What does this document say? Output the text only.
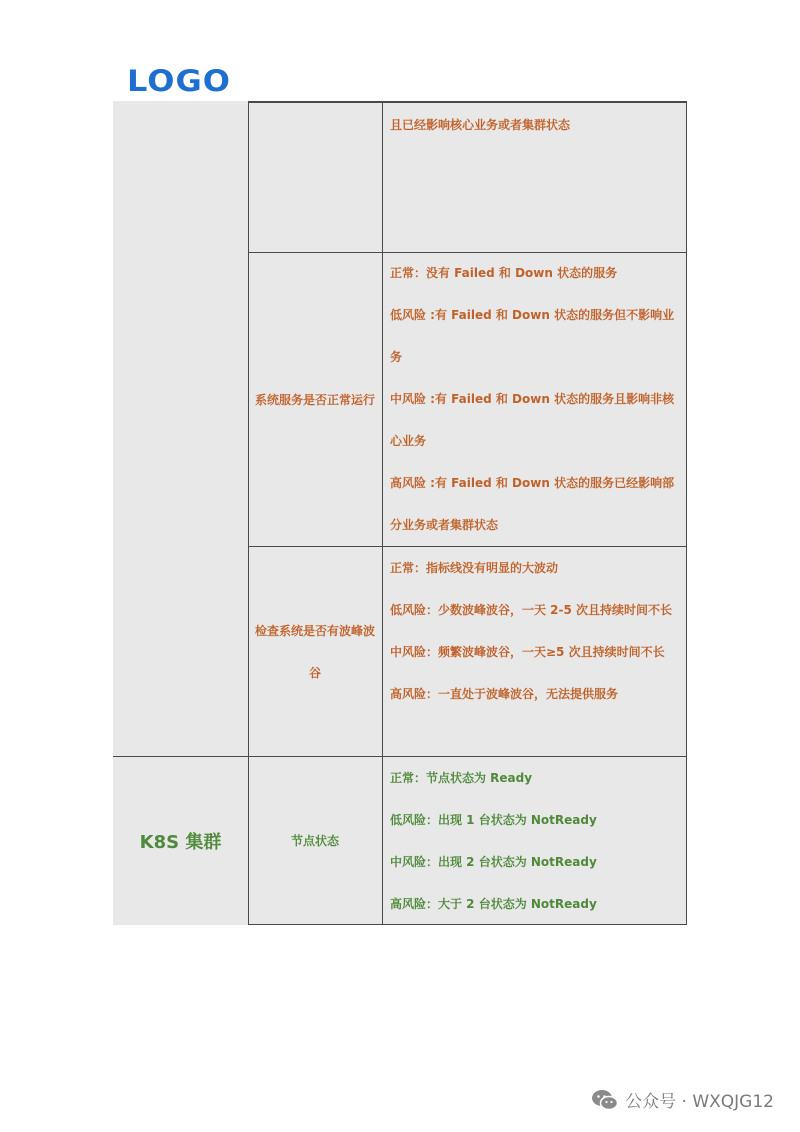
LOGO
且已经影响核心业务或者集群状态
系统服务是否正常运行
正常：没有 Failed 和 Down 状态的服务
低风险 :有 Failed 和 Down 状态的服务但不影响业务
中风险 :有 Failed 和 Down 状态的服务且影响非核心业务
高风险 :有 Failed 和 Down 状态的服务已经影响部分业务或者集群状态
检查系统是否有波峰波谷
正常：指标线没有明显的大波动
低风险：少数波峰波谷，一天 2-5 次且持续时间不长
中风险：频繁波峰波谷，一天≥5 次且持续时间不长
高风险：一直处于波峰波谷，无法提供服务
K8S 集群	节点状态
正常：节点状态为 Ready
低风险：出现 1 台状态为 NotReady
中风险：出现 2 台状态为 NotReady
高风险：大于 2 台状态为 NotReady
公众号 · WXQJG12
